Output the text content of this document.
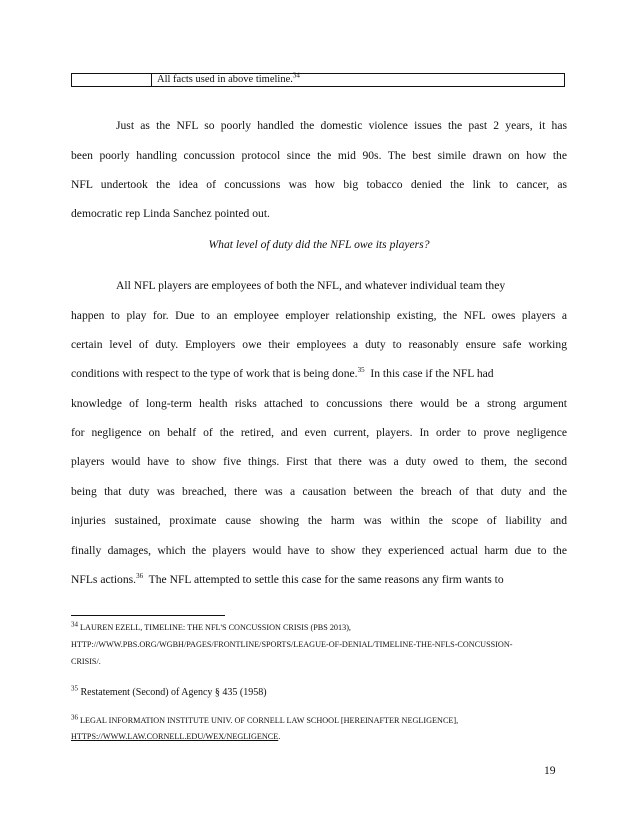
All facts used in above timeline.$^{34}$
Just as the NFL so poorly handled the domestic violence issues the past 2 years, it has
been poorly handling concussion protocol since the mid 90s. The best simile drawn on how the
NFL undertook the idea of concussions was how big tobacco denied the link to cancer, as
democratic rep Linda Sanchez pointed out.
What level of duty did the NFL owe its players?
All NFL players are employees of both the NFL, and whatever individual team they
happen to play for. Due to an employee employer relationship existing, the NFL owes players a
certain level of duty. Employers owe their employees a duty to reasonably ensure safe working
conditions with respect to the type of work that is being done.$^{35}$  In this case if the NFL had
knowledge of long-term health risks attached to concussions there would be a strong argument
for negligence on behalf of the retired, and even current, players. In order to prove negligence
players would have to show five things. First that there was a duty owed to them, the second
being that duty was breached, there was a causation between the breach of that duty and the
injuries sustained, proximate cause showing the harm was within the scope of liability and
finally damages, which the players would have to show they experienced actual harm due to the
NFLs actions.$^{36}$  The NFL attempted to settle this case for the same reasons any firm wants to
$^{34}$ LAUREN EZELL, TIMELINE: THE NFL'S CONCUSSION CRISIS (PBS 2013),
HTTP://WWW.PBS.ORG/WGBH/PAGES/FRONTLINE/SPORTS/LEAGUE-OF-DENIAL/TIMELINE-THE-NFLS-CONCUSSION-
CRISIS/.
$^{35}$ Restatement (Second) of Agency § 435 (1958)
$^{36}$ LEGAL INFORMATION INSTITUTE UNIV. OF CORNELL LAW SCHOOL [HEREINAFTER NEGLIGENCE],
HTTPS://WWW.LAW.CORNELL.EDU/WEX/NEGLIGENCE.
19
